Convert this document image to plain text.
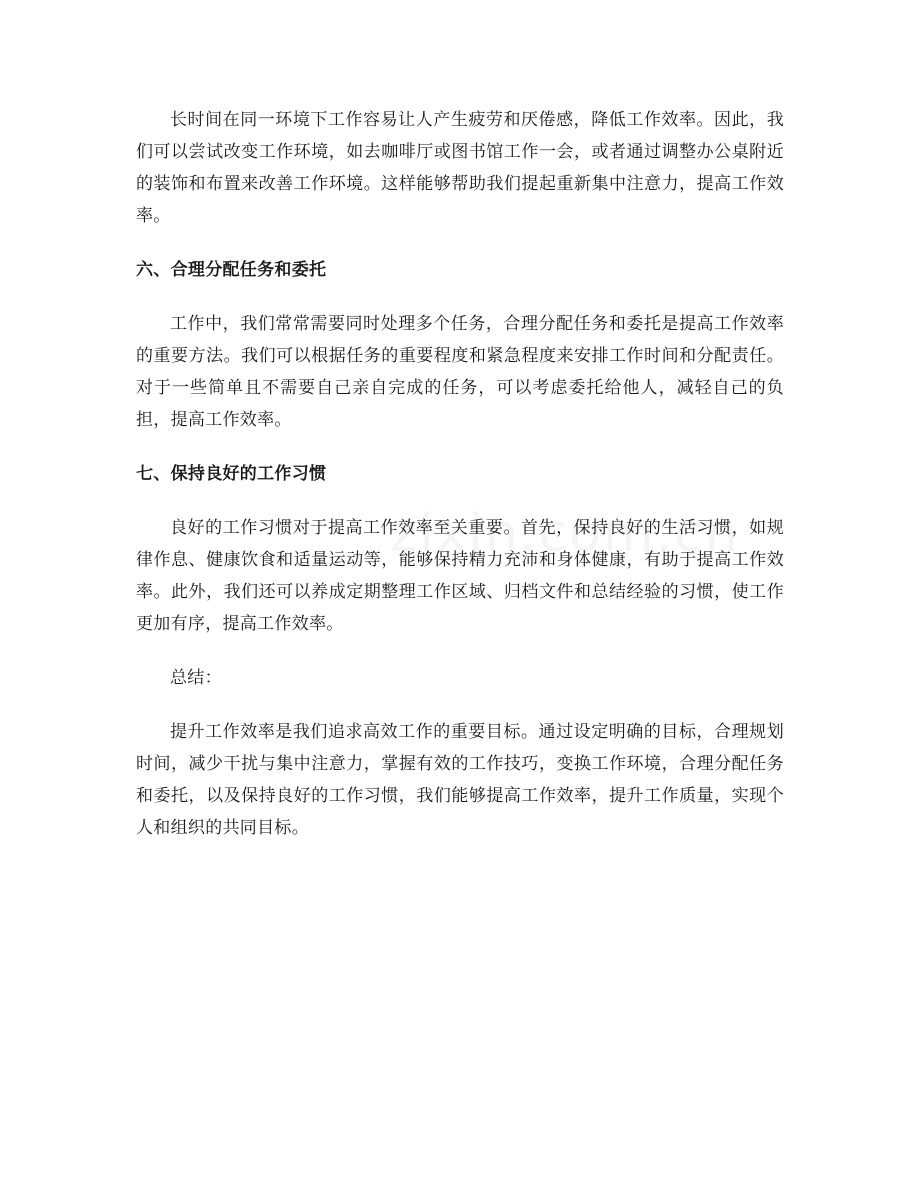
长时间在同一环境下工作容易让人产生疲劳和厌倦感，降低工作效率。因此，我们可以尝试改变工作环境，如去咖啡厅或图书馆工作一会，或者通过调整办公桌附近的装饰和布置来改善工作环境。这样能够帮助我们提起重新集中注意力，提高工作效率。

六、合理分配任务和委托

工作中，我们常常需要同时处理多个任务，合理分配任务和委托是提高工作效率的重要方法。我们可以根据任务的重要程度和紧急程度来安排工作时间和分配责任。对于一些简单且不需要自己亲自完成的任务，可以考虑委托给他人，减轻自己的负担，提高工作效率。

七、保持良好的工作习惯

良好的工作习惯对于提高工作效率至关重要。首先，保持良好的生活习惯，如规律作息、健康饮食和适量运动等，能够保持精力充沛和身体健康，有助于提高工作效率。此外，我们还可以养成定期整理工作区域、归档文件和总结经验的习惯，使工作更加有序，提高工作效率。

总结：

提升工作效率是我们追求高效工作的重要目标。通过设定明确的目标，合理规划时间，减少干扰与集中注意力，掌握有效的工作技巧，变换工作环境，合理分配任务和委托，以及保持良好的工作习惯，我们能够提高工作效率，提升工作质量，实现个人和组织的共同目标。
